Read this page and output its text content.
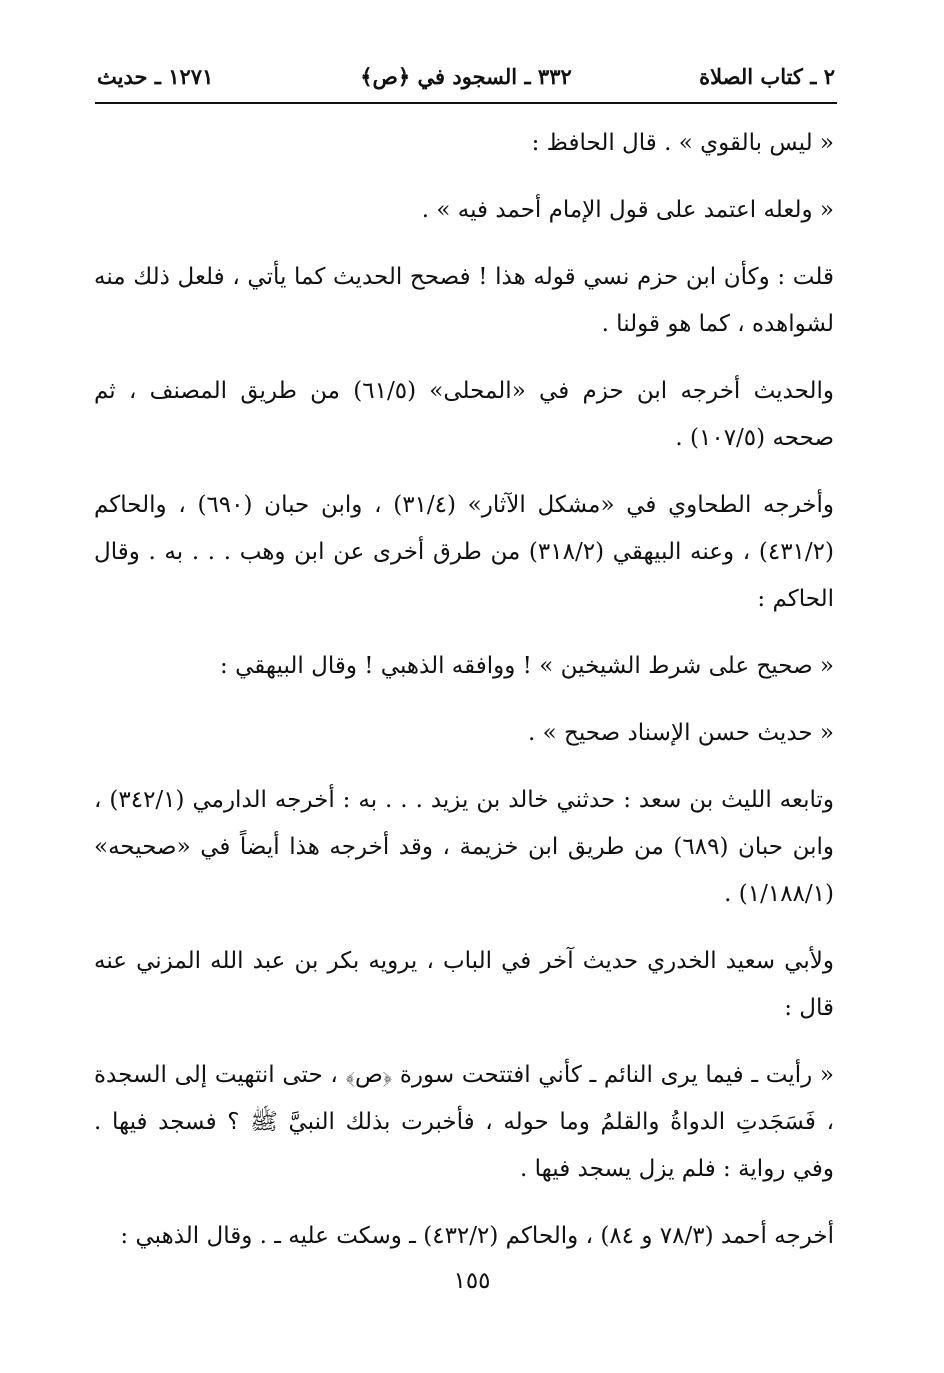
٢ ـ كتاب الصلاة
٣٣٢ ـ السجود في ﴿ص﴾
١٢٧١ ـ حديث

« ليس بالقوي » . قال الحافظ :

« ولعله اعتمد على قول الإمام أحمد فيه » .

قلت : وكأن ابن حزم نسي قوله هذا ! فصحح الحديث كما يأتي ، فلعل ذلك منه لشواهده ، كما هو قولنا .

والحديث أخرجه ابن حزم في «المحلى» (٦١/٥) من طريق المصنف ، ثم صححه (١٠٧/٥) .

وأخرجه الطحاوي في «مشكل الآثار» (٣١/٤) ، وابن حبان (٦٩٠) ، والحاكم (٤٣١/٢) ، وعنه البيهقي (٣١٨/٢) من طرق أخرى عن ابن وهب . . . به . وقال الحاكم :

« صحيح على شرط الشيخين » ! ووافقه الذهبي ! وقال البيهقي :

« حديث حسن الإسناد صحيح » .

وتابعه الليث بن سعد : حدثني خالد بن يزيد . . . به : أخرجه الدارمي (٣٤٢/١) ، وابن حبان (٦٨٩) من طريق ابن خزيمة ، وقد أخرجه هذا أيضاً في «صحيحه» (١/١٨٨/١) .

ولأبي سعيد الخدري حديث آخر في الباب ، يرويه بكر بن عبد الله المزني عنه قال :

« رأيت ـ فيما يرى النائم ـ كأني افتتحت سورة ﴿ص﴾ ، حتى انتهيت إلى السجدة ، فَسَجَدتِ الدواةُ والقلمُ وما حوله ، فأخبرت بذلك النبيَّ ﷺ ؟ فسجد فيها . وفي رواية : فلم يزل يسجد فيها .

أخرجه أحمد (٧٨/٣ و ٨٤) ، والحاكم (٤٣٢/٢) ـ وسكت عليه ـ . وقال الذهبي :

١٥٥
